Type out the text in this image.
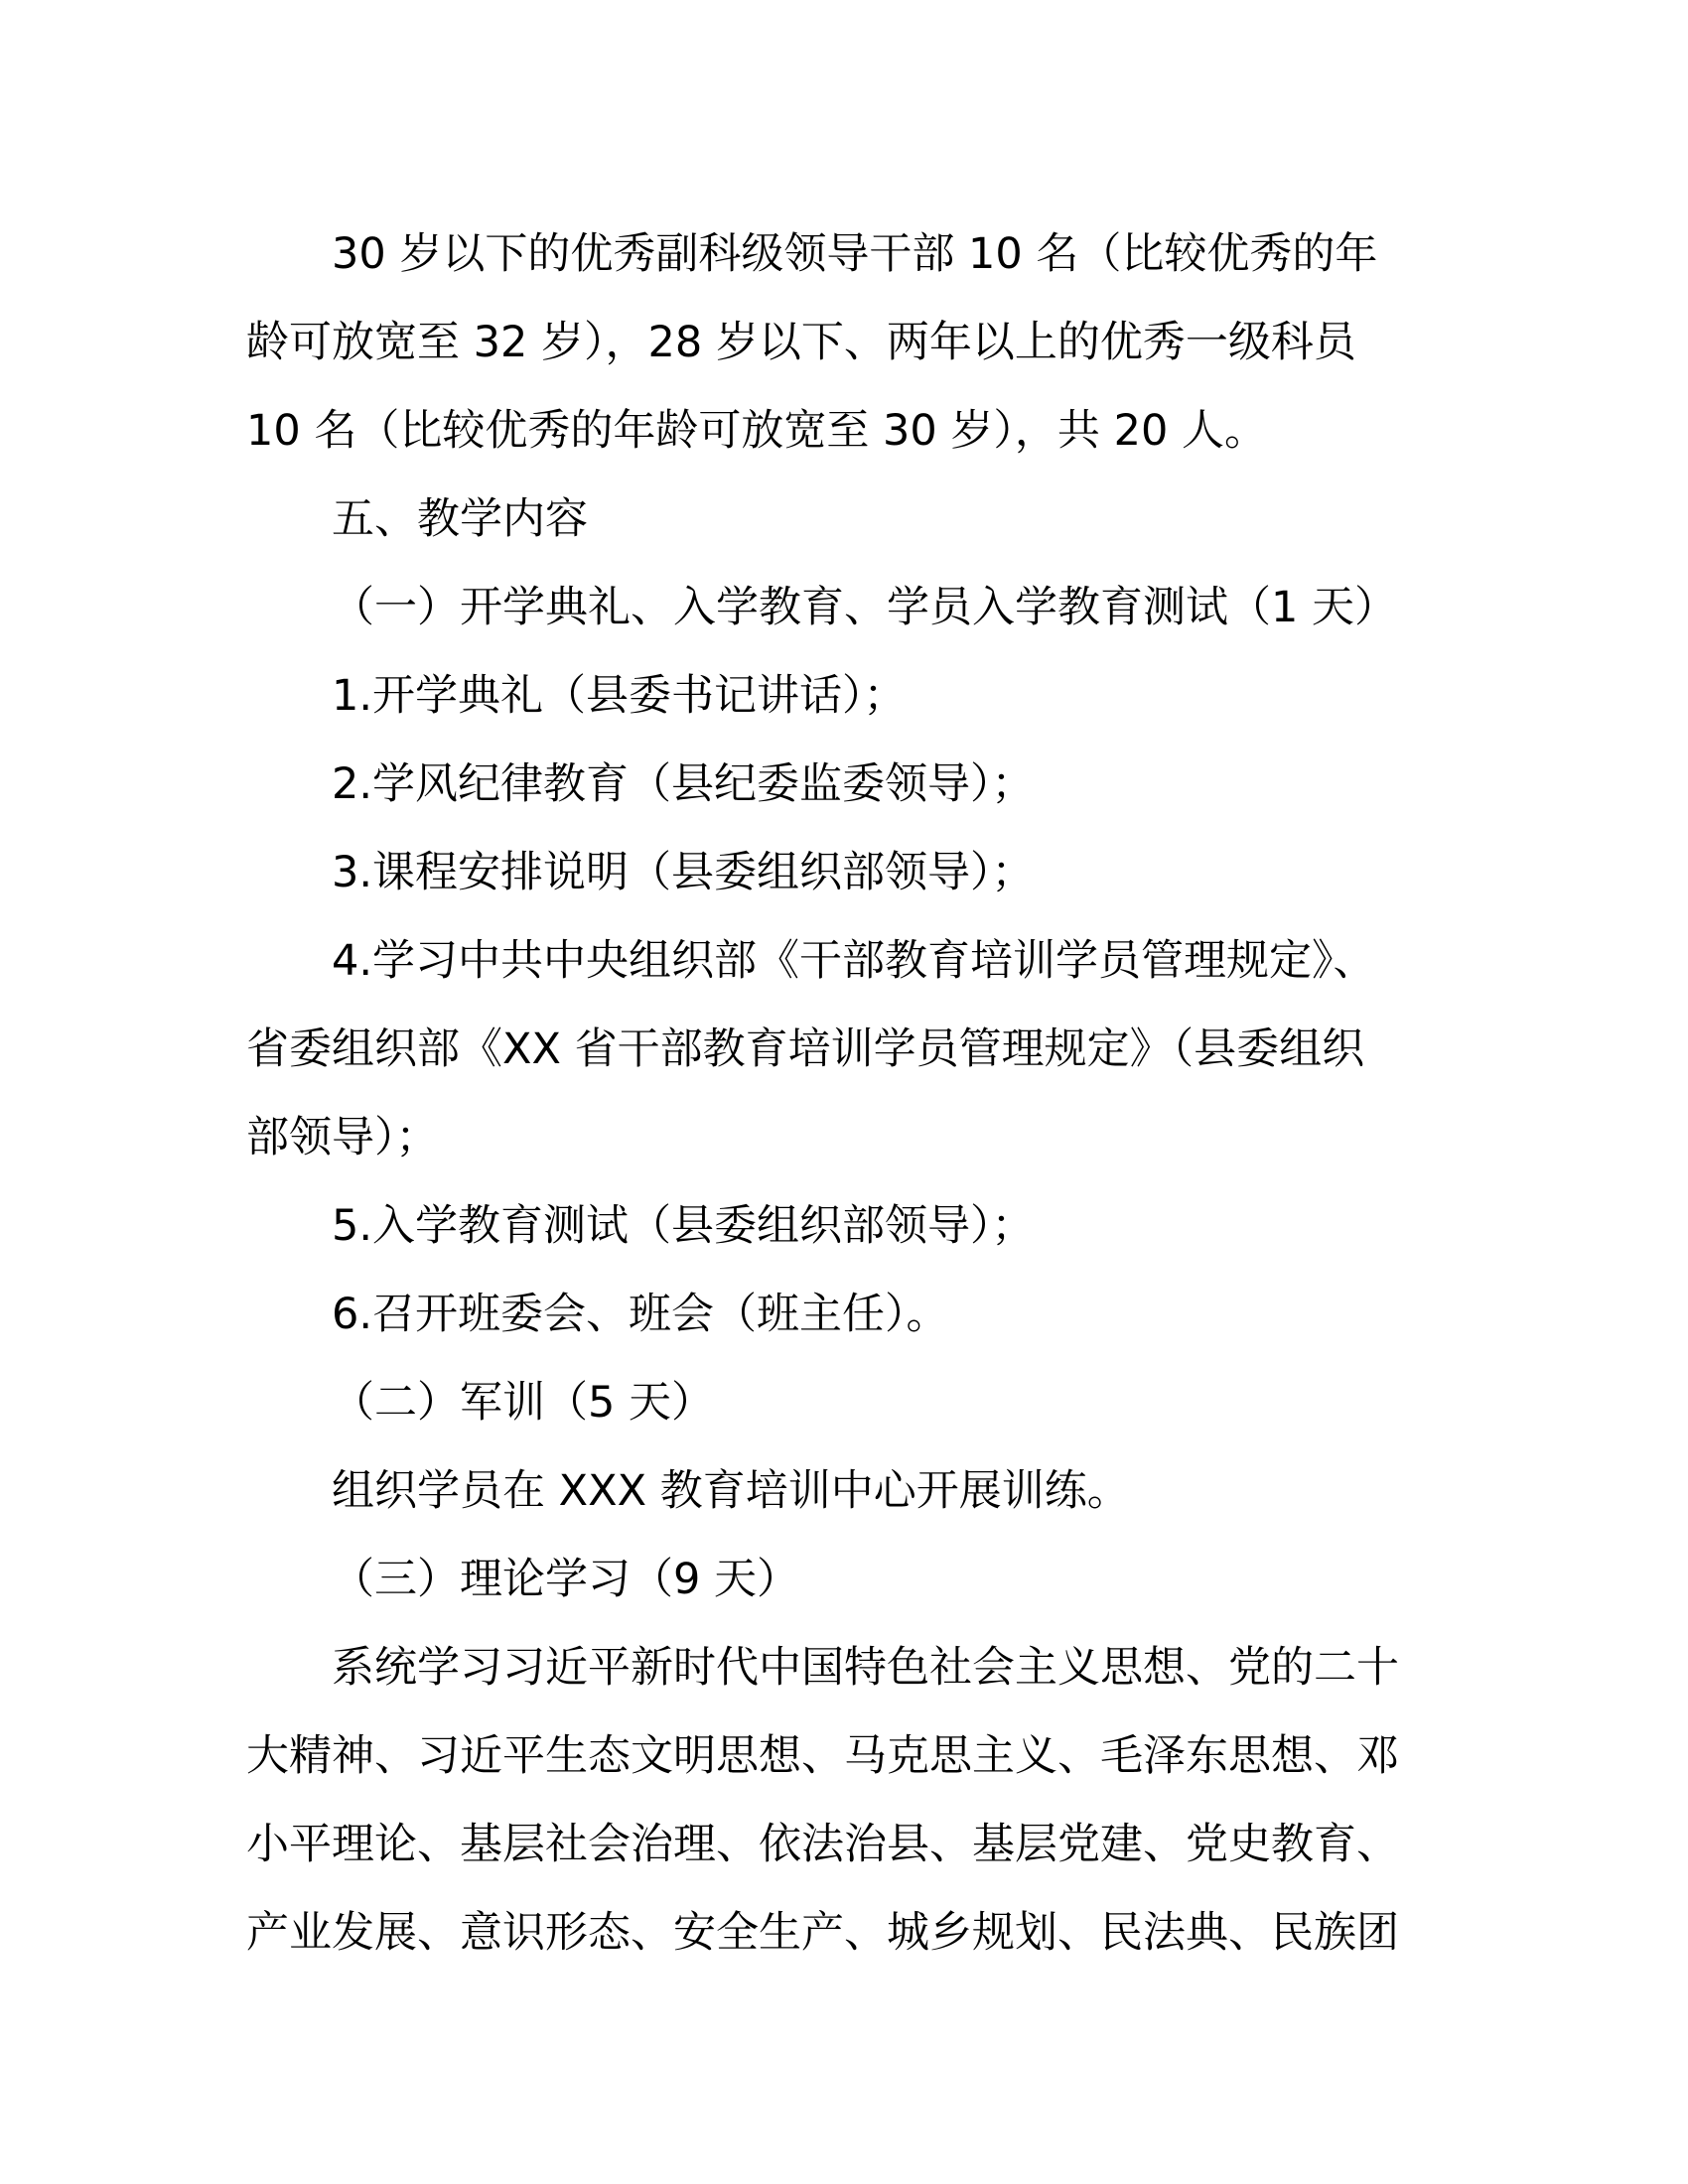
30 岁以下的优秀副科级领导干部 10 名（比较优秀的年
龄可放宽至 32 岁），28 岁以下、两年以上的优秀一级科员
10 名（比较优秀的年龄可放宽至 30 岁），共 20 人。

五、教学内容

（一）开学典礼、入学教育、学员入学教育测试（1 天）

1.开学典礼（县委书记讲话）；

2.学风纪律教育（县纪委监委领导）；

3.课程安排说明（县委组织部领导）；

4.学习中共中央组织部《干部教育培训学员管理规定》、
省委组织部《XX 省干部教育培训学员管理规定》（县委组织
部领导）；

5.入学教育测试（县委组织部领导）；

6.召开班委会、班会（班主任）。

（二）军训（5 天）

组织学员在 XXX 教育培训中心开展训练。

（三）理论学习（9 天）

系统学习习近平新时代中国特色社会主义思想、党的二十
大精神、习近平生态文明思想、马克思主义、毛泽东思想、邓
小平理论、基层社会治理、依法治县、基层党建、党史教育、
产业发展、意识形态、安全生产、城乡规划、民法典、民族团
